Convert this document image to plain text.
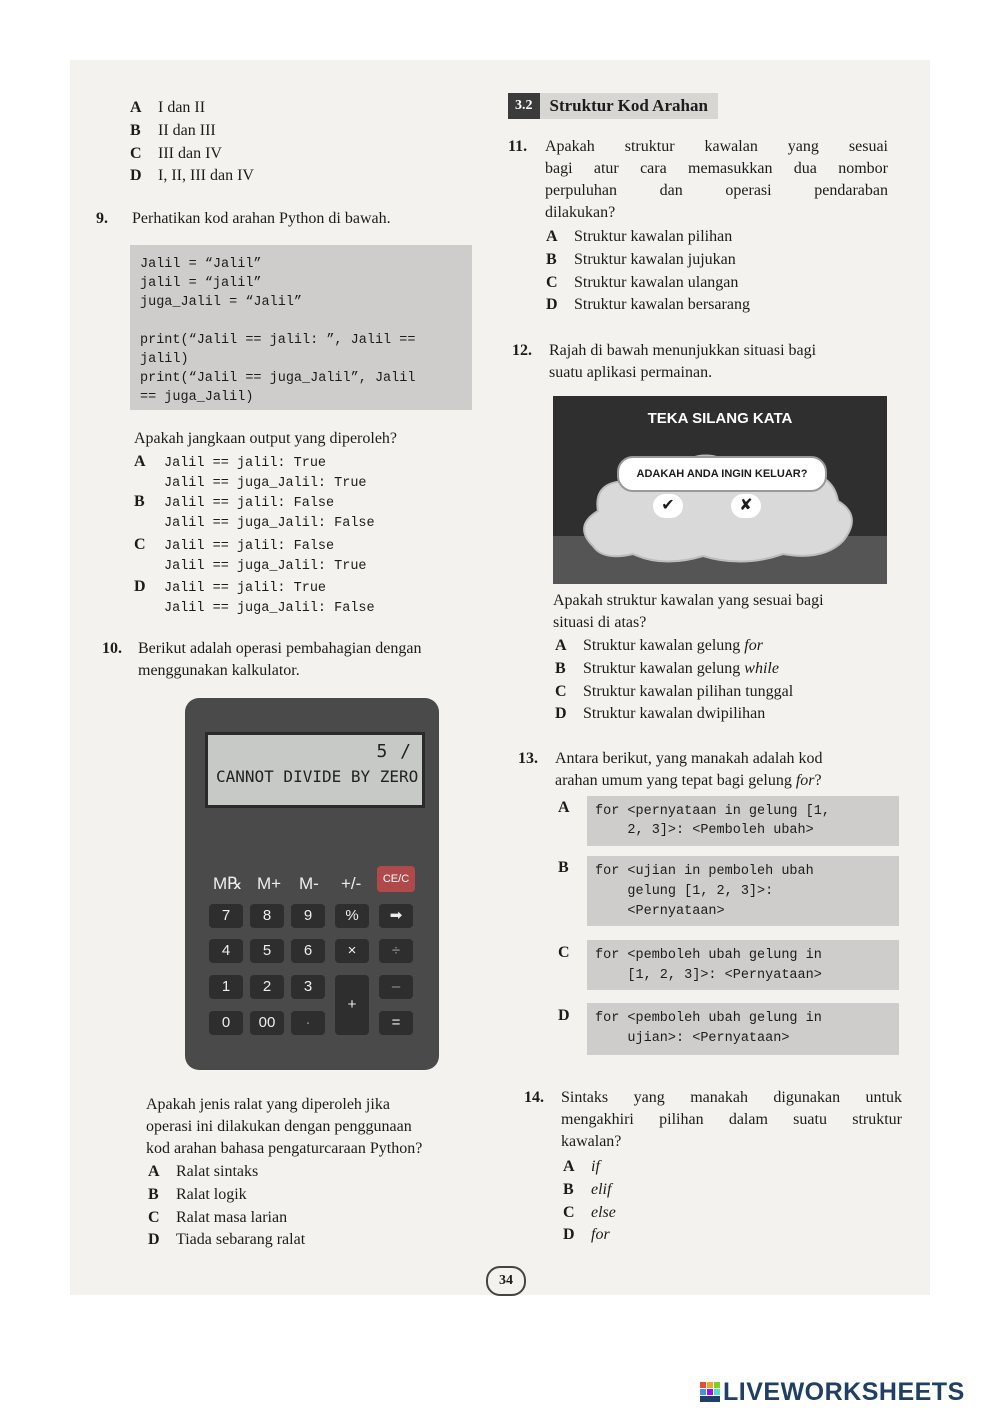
A I dan II
B II dan III
C III dan IV
D I, II, III dan IV
9. Perhatikan kod arahan Python di bawah.
Jalil = “Jalil”
jalil = “jalil”
juga_Jalil = “Jalil”
print(“Jalil == jalil: ”, Jalil ==
jalil)
print(“Jalil == juga_Jalil”, Jalil
== juga_Jalil)
Apakah jangkaan output yang diperoleh?
A Jalil == jalil: True
Jalil == juga_Jalil: True
B Jalil == jalil: False
Jalil == juga_Jalil: False
C Jalil == jalil: False
Jalil == juga_Jalil: True
D Jalil == jalil: True
Jalil == juga_Jalil: False
10. Berikut adalah operasi pembahagian dengan
menggunakan kalkulator.
5 /
CANNOT DIVIDE BY ZERO
M℞ M+ M- +/-	CE/C
7	8	9	%	➡
4	5	6	×	÷
1	2	3	–
0	00	·
+
=
Apakah jenis ralat yang diperoleh jika
operasi ini dilakukan dengan penggunaan
kod arahan bahasa pengaturcaraan Python?
A Ralat sintaks
B Ralat logik
C Ralat masa larian
D Tiada sebarang ralat
3.2	Struktur Kod Arahan
11. Apakah struktur kawalan yang sesuai
bagi atur cara memasukkan dua nombor
perpuluhan dan operasi pendaraban
dilakukan?
A Struktur kawalan pilihan
B Struktur kawalan jujukan
C Struktur kawalan ulangan
D Struktur kawalan bersarang
12. Rajah di bawah menunjukkan situasi bagi
suatu aplikasi permainan.
TEKA SILANG KATA
ADAKAH ANDA INGIN KELUAR?
✔	✘
Apakah struktur kawalan yang sesuai bagi
situasi di atas?
A Struktur kawalan gelung for
B Struktur kawalan gelung while
C Struktur kawalan pilihan tunggal
D Struktur kawalan dwipilihan
13. Antara berikut, yang manakah adalah kod
arahan umum yang tepat bagi gelung for?
A for <pernyataan in gelung [1,
2, 3]>: <Pemboleh ubah>
B for <ujian in pemboleh ubah
gelung [1, 2, 3]>:
<Pernyataan>
C for <pemboleh ubah gelung in
[1, 2, 3]>: <Pernyataan>
D for <pemboleh ubah gelung in
ujian>: <Pernyataan>
14. Sintaks yang manakah digunakan untuk
mengakhiri pilihan dalam suatu struktur
kawalan?
A if
B elif
C else
D for
34
LIVEWORKSHEETS
